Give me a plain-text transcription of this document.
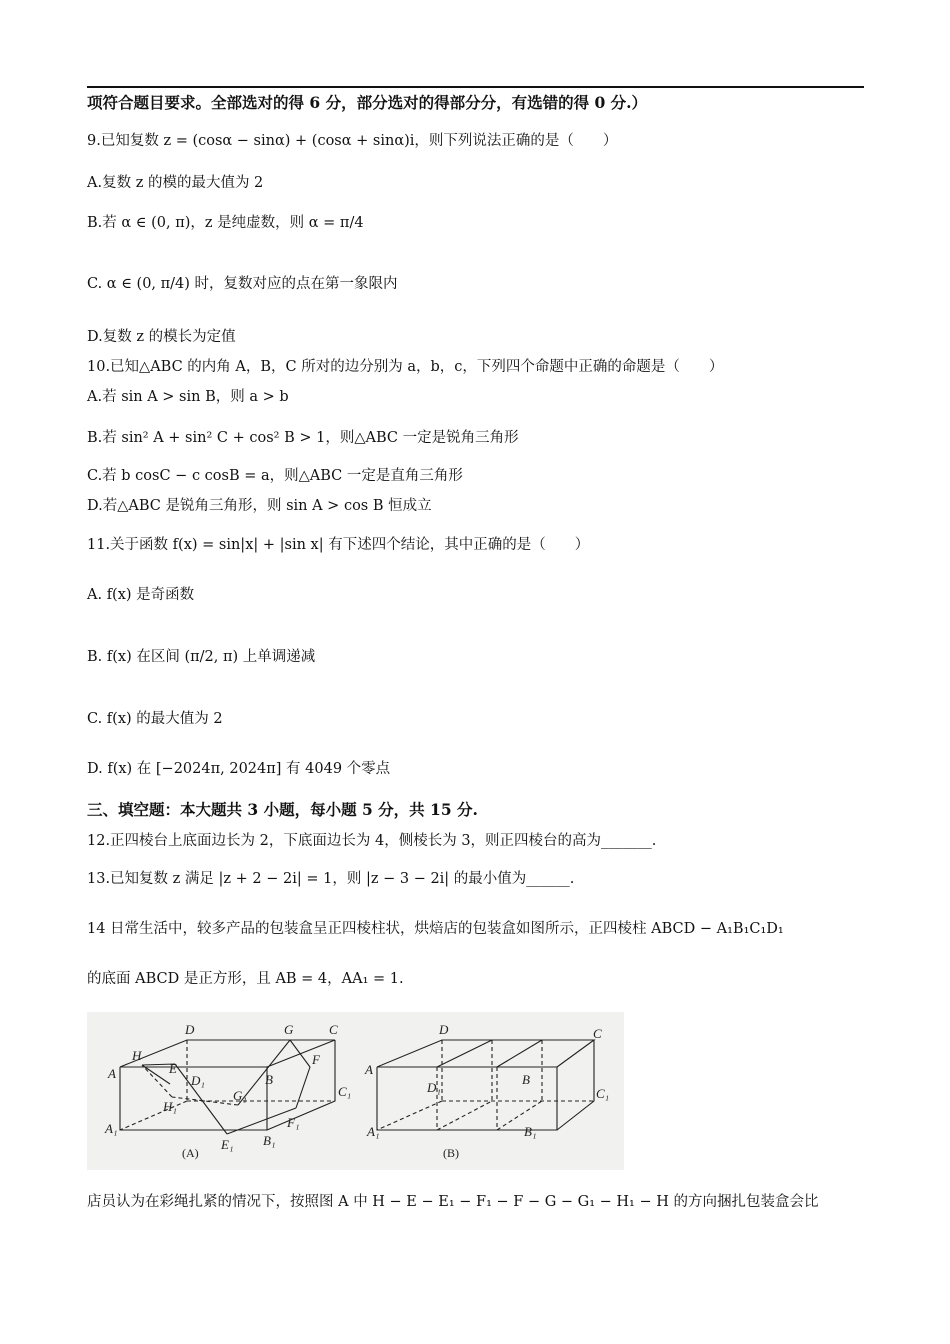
项符合题目要求。全部选对的得 6 分，部分选对的得部分分，有选错的得 0 分.）
9.已知复数 z = (cosα − sinα) + (cosα + sinα)i，则下列说法正确的是（　　）
A.复数 z 的模的最大值为 2
B.若 α ∈ (0, π)，z 是纯虚数，则 α = π/4
C. α ∈ (0, π/4) 时，复数对应的点在第一象限内
D.复数 z 的模长为定值
10.已知△ABC 的内角 A，B，C 所对的边分别为 a，b，c，下列四个命题中正确的命题是（　　）
A.若 sin A > sin B，则 a > b
B.若 sin² A + sin² C + cos² B > 1，则△ABC 一定是锐角三角形
C.若 b cosC − c cosB = a，则△ABC 一定是直角三角形
D.若△ABC 是锐角三角形，则 sin A > cos B 恒成立
11.关于函数 f(x) = sin|x| + |sin x| 有下述四个结论，其中正确的是（　　）
A. f(x) 是奇函数
B. f(x) 在区间 (π/2, π) 上单调递减
C. f(x) 的最大值为 2
D. f(x) 在 [−2024π, 2024π] 有 4049 个零点
三、填空题：本大题共 3 小题，每小题 5 分，共 15 分.
12.正四棱台上底面边长为 2，下底面边长为 4，侧棱长为 3，则正四棱台的高为_______.
13.已知复数 z 满足 |z + 2 − 2i| = 1，则 |z − 3 − 2i| 的最小值为______.
14 日常生活中，较多产品的包装盒呈正四棱柱状，烘焙店的包装盒如图所示，正四棱柱 ABCD − A₁B₁C₁D₁
的底面 ABCD 是正方形，且 AB = 4，AA₁ = 1.
D	G	C
H
E
F
A	D₁	B
G₁	C₁
H₁
A₁
E₁ B₁
F₁
(A)
D	C
A
D₁
B
C₁
A₁	B₁
(B)
店员认为在彩绳扎紧的情况下，按照图 A 中 H − E − E₁ − F₁ − F − G − G₁ − H₁ − H 的方向捆扎包装盒会比
